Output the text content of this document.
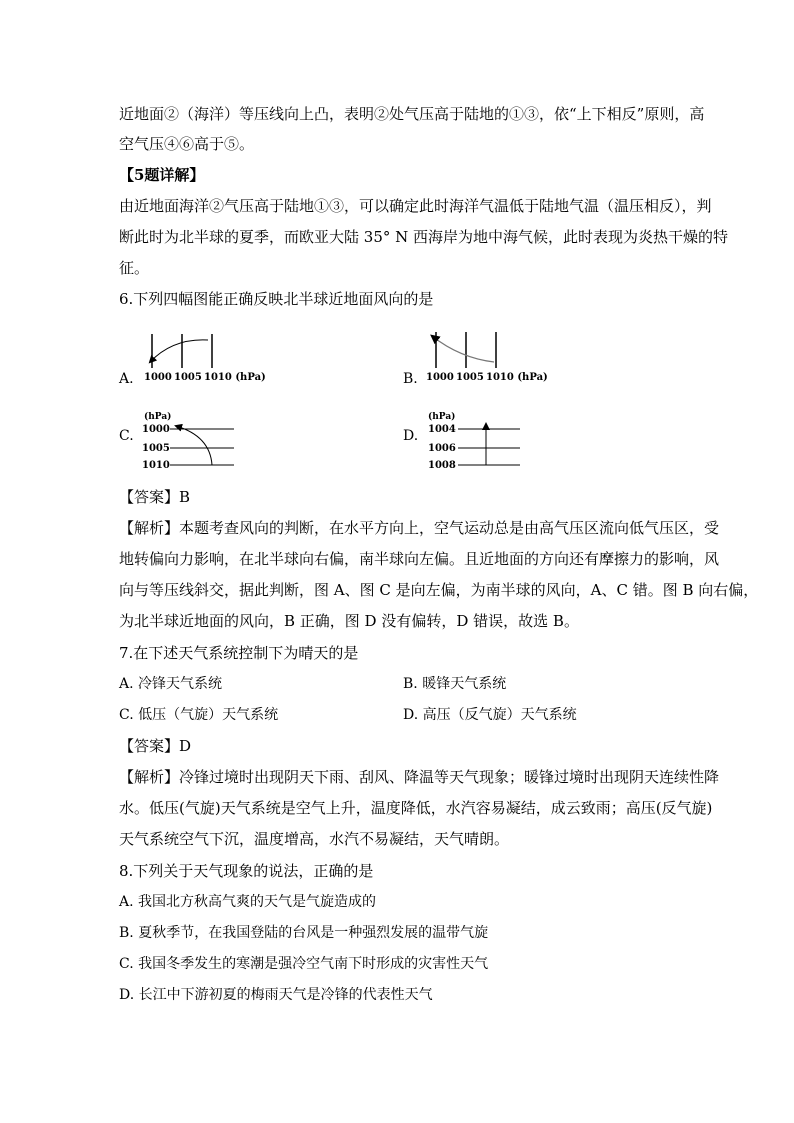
近地面②（海洋）等压线向上凸，表明②处气压高于陆地的①③，依“上下相反”原则，高
空气压④⑥高于⑤。
【5题详解】
由近地面海洋②气压高于陆地①③，可以确定此时海洋气温低于陆地气温（温压相反），判
断此时为北半球的夏季，而欧亚大陆 35° N 西海岸为地中海气候，此时表现为炎热干燥的特
征。
6.下列四幅图能正确反映北半球近地面风向的是
A.	B.
C.	D.
1000 1005 1010 (hPa)	1000 1005 1010 (hPa)
(hPa)
1000
1005
1010
(hPa)
1004
1006
1008
【答案】B
【解析】本题考查风向的判断，在水平方向上，空气运动总是由高气压区流向低气压区，受
地转偏向力影响，在北半球向右偏，南半球向左偏。且近地面的方向还有摩擦力的影响，风
向与等压线斜交，据此判断，图 A、图 C 是向左偏，为南半球的风向，A、C 错。图 B 向右偏，
为北半球近地面的风向，B 正确，图 D 没有偏转，D 错误，故选 B。
7.在下述天气系统控制下为晴天的是
A. 冷锋天气系统	B. 暖锋天气系统
C. 低压（气旋）天气系统	D. 高压（反气旋）天气系统
【答案】D
【解析】冷锋过境时出现阴天下雨、刮风、降温等天气现象；暖锋过境时出现阴天连续性降
水。低压(气旋)天气系统是空气上升，温度降低，水汽容易凝结，成云致雨；高压(反气旋)
天气系统空气下沉，温度增高，水汽不易凝结，天气晴朗。
8.下列关于天气现象的说法，正确的是
A. 我国北方秋高气爽的天气是气旋造成的
B. 夏秋季节，在我国登陆的台风是一种强烈发展的温带气旋
C. 我国冬季发生的寒潮是强冷空气南下时形成的灾害性天气
D. 长江中下游初夏的梅雨天气是冷锋的代表性天气
